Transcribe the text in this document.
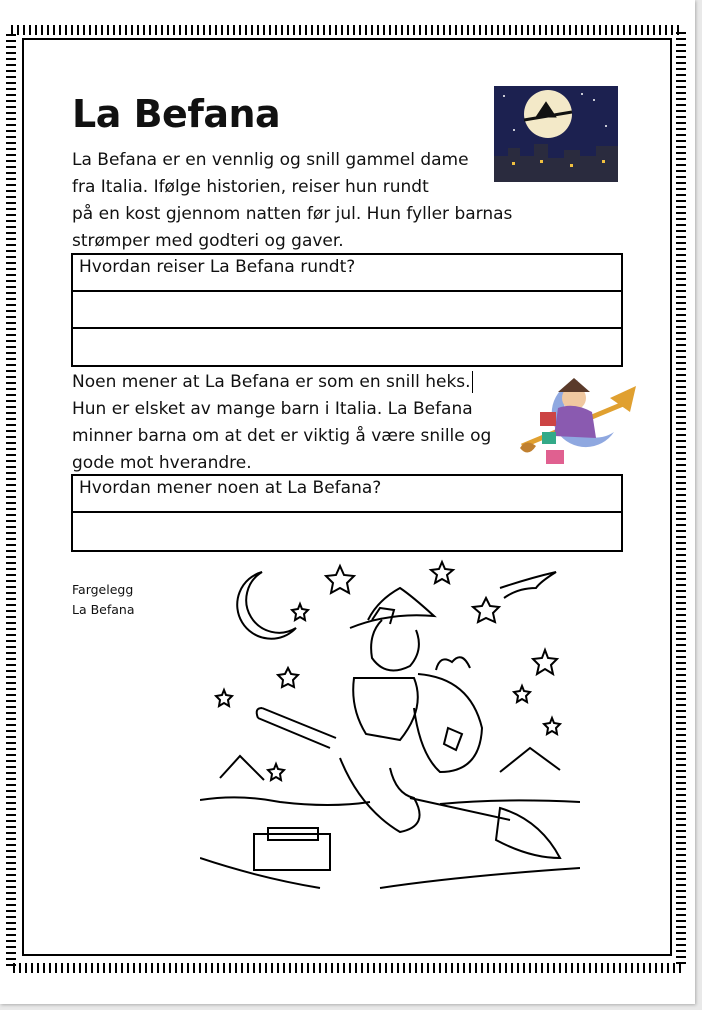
La Befana

La Befana er en vennlig og snill gammel dame
fra Italia. Ifølge historien, reiser hun rundt
på en kost gjennom natten før jul. Hun fyller barnas
strømper med godteri og gaver.

Hvordan reiser La Befana rundt?

Noen mener at La Befana er som en snill heks.
Hun er elsket av mange barn i Italia. La Befana
minner barna om at det er viktig å være snille og
gode mot hverandre.

Hvordan mener noen at La Befana?

Fargelegg
La Befana
